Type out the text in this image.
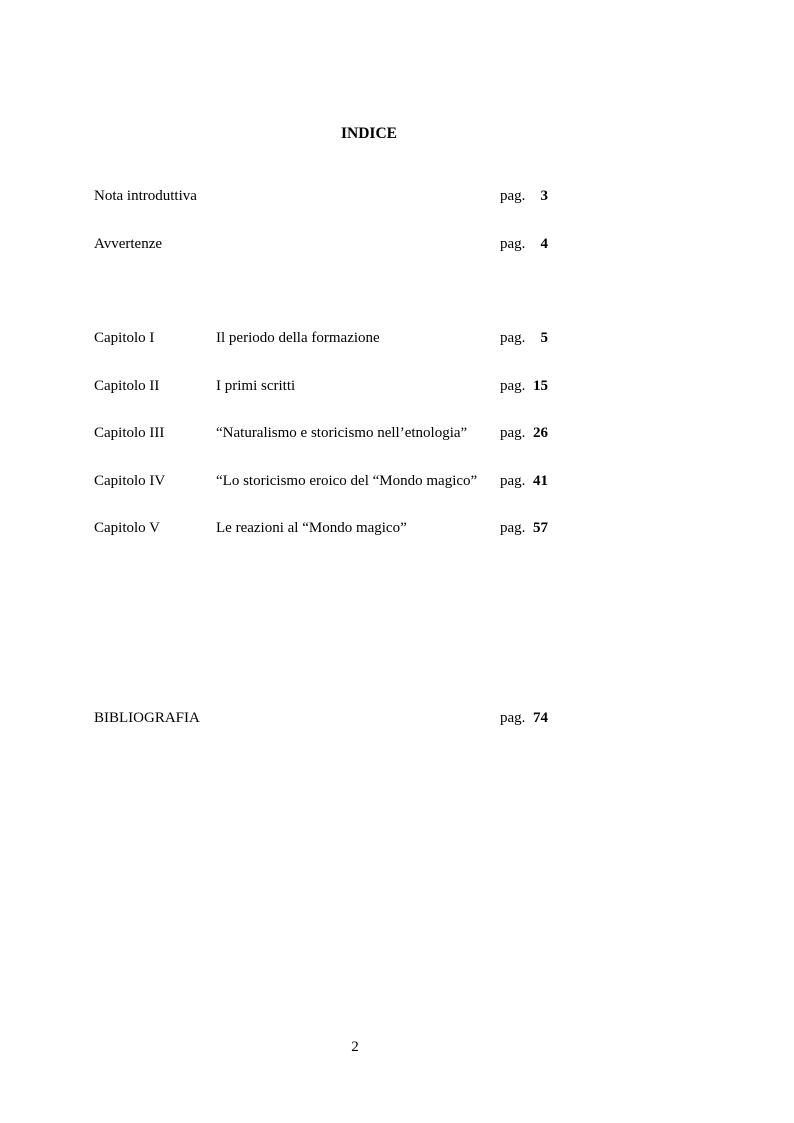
INDICE
Nota introduttiva	pag.	3
Avvertenze	pag.	4
Capitolo I	Il periodo della formazione	pag.	5
Capitolo II	I primi scritti	pag. 15
Capitolo III	“Naturalismo e storicismo nell’etnologia” pag. 26
Capitolo IV	“Lo storicismo eroico del “Mondo magico” pag. 41
Capitolo V	Le reazioni al “Mondo magico”	pag. 57
BIBLIOGRAFIA	pag. 74
2
